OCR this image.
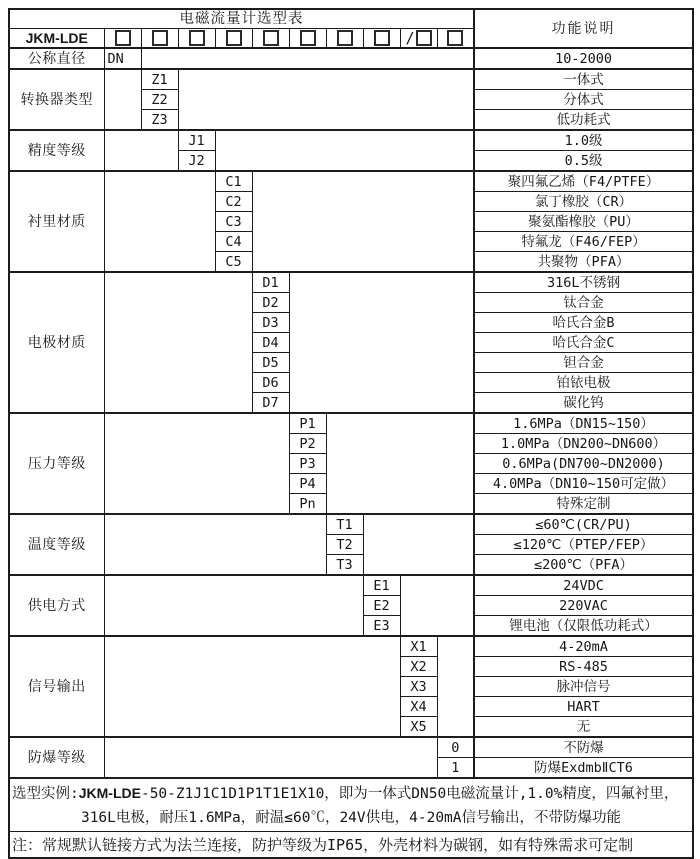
电磁流量计选型表											功能说明
JKM-LDE									/		
公称直径	DN										10-2000
转换器类型		Z1									一体式
		Z2									分体式
		Z3									低功耗式
精度等级			J1								1.0级
			J2								0.5级
衬里材质				C1							聚四氟乙烯（F4/PTFE）
				C2							氯丁橡胶（CR）
				C3							聚氨酯橡胶（PU）
				C4							特氟龙（F46/FEP）
				C5							共聚物（PFA）
电极材质					D1						316L不锈钢
					D2						钛合金
					D3						哈氏合金B
					D4						哈氏合金C
					D5						钽合金
					D6						铂铱电极
					D7						碳化钨
压力等级						P1					1.6MPa（DN15~150）
						P2					1.0MPa（DN200~DN600）
						P3					0.6MPa(DN700~DN2000)
						P4					4.0MPa（DN10~150可定做）
						Pn					特殊定制
温度等级							T1				≤60℃(CR/PU)
							T2				≤120℃（PTEP/FEP）
							T3				≤200℃（PFA）
供电方式								E1			24VDC
								E2			220VAC
								E3			锂电池（仅限低功耗式）
信号输出									X1		4-20mA
									X2		RS-485
									X3		脉冲信号
									X4		HART
									X5		无
防爆等级										0	不防爆
										1	防爆ExdmbⅡCT6

选型实例:JKM-LDE-50-Z1J1C1D1P1T1E1X10，即为一体式DN50电磁流量计,1.0%精度，四氟衬里，
316L电极，耐压1.6MPa，耐温≤60℃，24V供电，4-20mA信号输出，不带防爆功能											

注：常规默认链接方式为法兰连接，防护等级为IP65，外壳材料为碳钢，如有特殊需求可定制											
